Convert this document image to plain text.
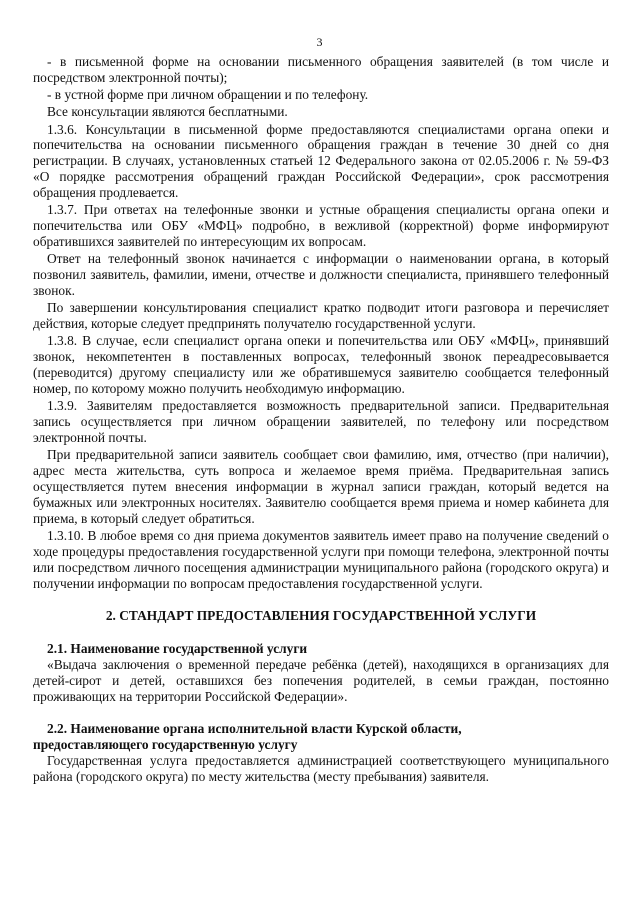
3

- в письменной форме на основании письменного обращения заявителей (в том числе и посредством электронной почты);

- в устной форме при личном обращении и по телефону.

Все консультации являются бесплатными.

1.3.6. Консультации в письменной форме предоставляются специалистами органа опеки и попечительства на основании письменного обращения граждан в течение 30 дней со дня регистрации. В случаях, установленных статьей 12 Федерального закона от 02.05.2006 г. № 59-ФЗ «О порядке рассмотрения обращений граждан Российской Федерации», срок рассмотрения обращения продлевается.

1.3.7. При ответах на телефонные звонки и устные обращения специалисты органа опеки и попечительства или ОБУ «МФЦ» подробно, в вежливой (корректной) форме информируют обратившихся заявителей по интересующим их вопросам.

Ответ на телефонный звонок начинается с информации о наименовании органа, в который позвонил заявитель, фамилии, имени, отчестве и должности специалиста, принявшего телефонный звонок.

По завершении консультирования специалист кратко подводит итоги разговора и перечисляет действия, которые следует предпринять получателю государственной услуги.

1.3.8. В случае, если специалист органа опеки и попечительства или ОБУ «МФЦ», принявший звонок, некомпетентен в поставленных вопросах, телефонный звонок переадресовывается (переводится) другому специалисту или же обратившемуся заявителю сообщается телефонный номер, по которому можно получить необходимую информацию.

1.3.9. Заявителям предоставляется возможность предварительной записи. Предварительная запись осуществляется при личном обращении заявителей, по телефону или посредством электронной почты.

При предварительной записи заявитель сообщает свои фамилию, имя, отчество (при наличии), адрес места жительства, суть вопроса и желаемое время приёма. Предварительная запись осуществляется путем внесения информации в журнал записи граждан, который ведется на бумажных или электронных носителях. Заявителю сообщается время приема и номер кабинета для приема, в который следует обратиться.

1.3.10. В любое время со дня приема документов заявитель имеет право на получение сведений о ходе процедуры предоставления государственной услуги при помощи телефона, электронной почты или посредством личного посещения администрации муниципального района (городского округа) и получении информации по вопросам предоставления государственной услуги.

2. СТАНДАРТ ПРЕДОСТАВЛЕНИЯ ГОСУДАРСТВЕННОЙ УСЛУГИ

2.1. Наименование государственной услуги

«Выдача заключения о временной передаче ребёнка (детей), находящихся в организациях для детей-сирот и детей, оставшихся без попечения родителей, в семьи граждан, постоянно проживающих на территории Российской Федерации».

2.2. Наименование органа исполнительной власти Курской области,

предоставляющего государственную услугу

Государственная услуга предоставляется администрацией соответствующего муниципального района (городского округа) по месту жительства (месту пребывания) заявителя.
